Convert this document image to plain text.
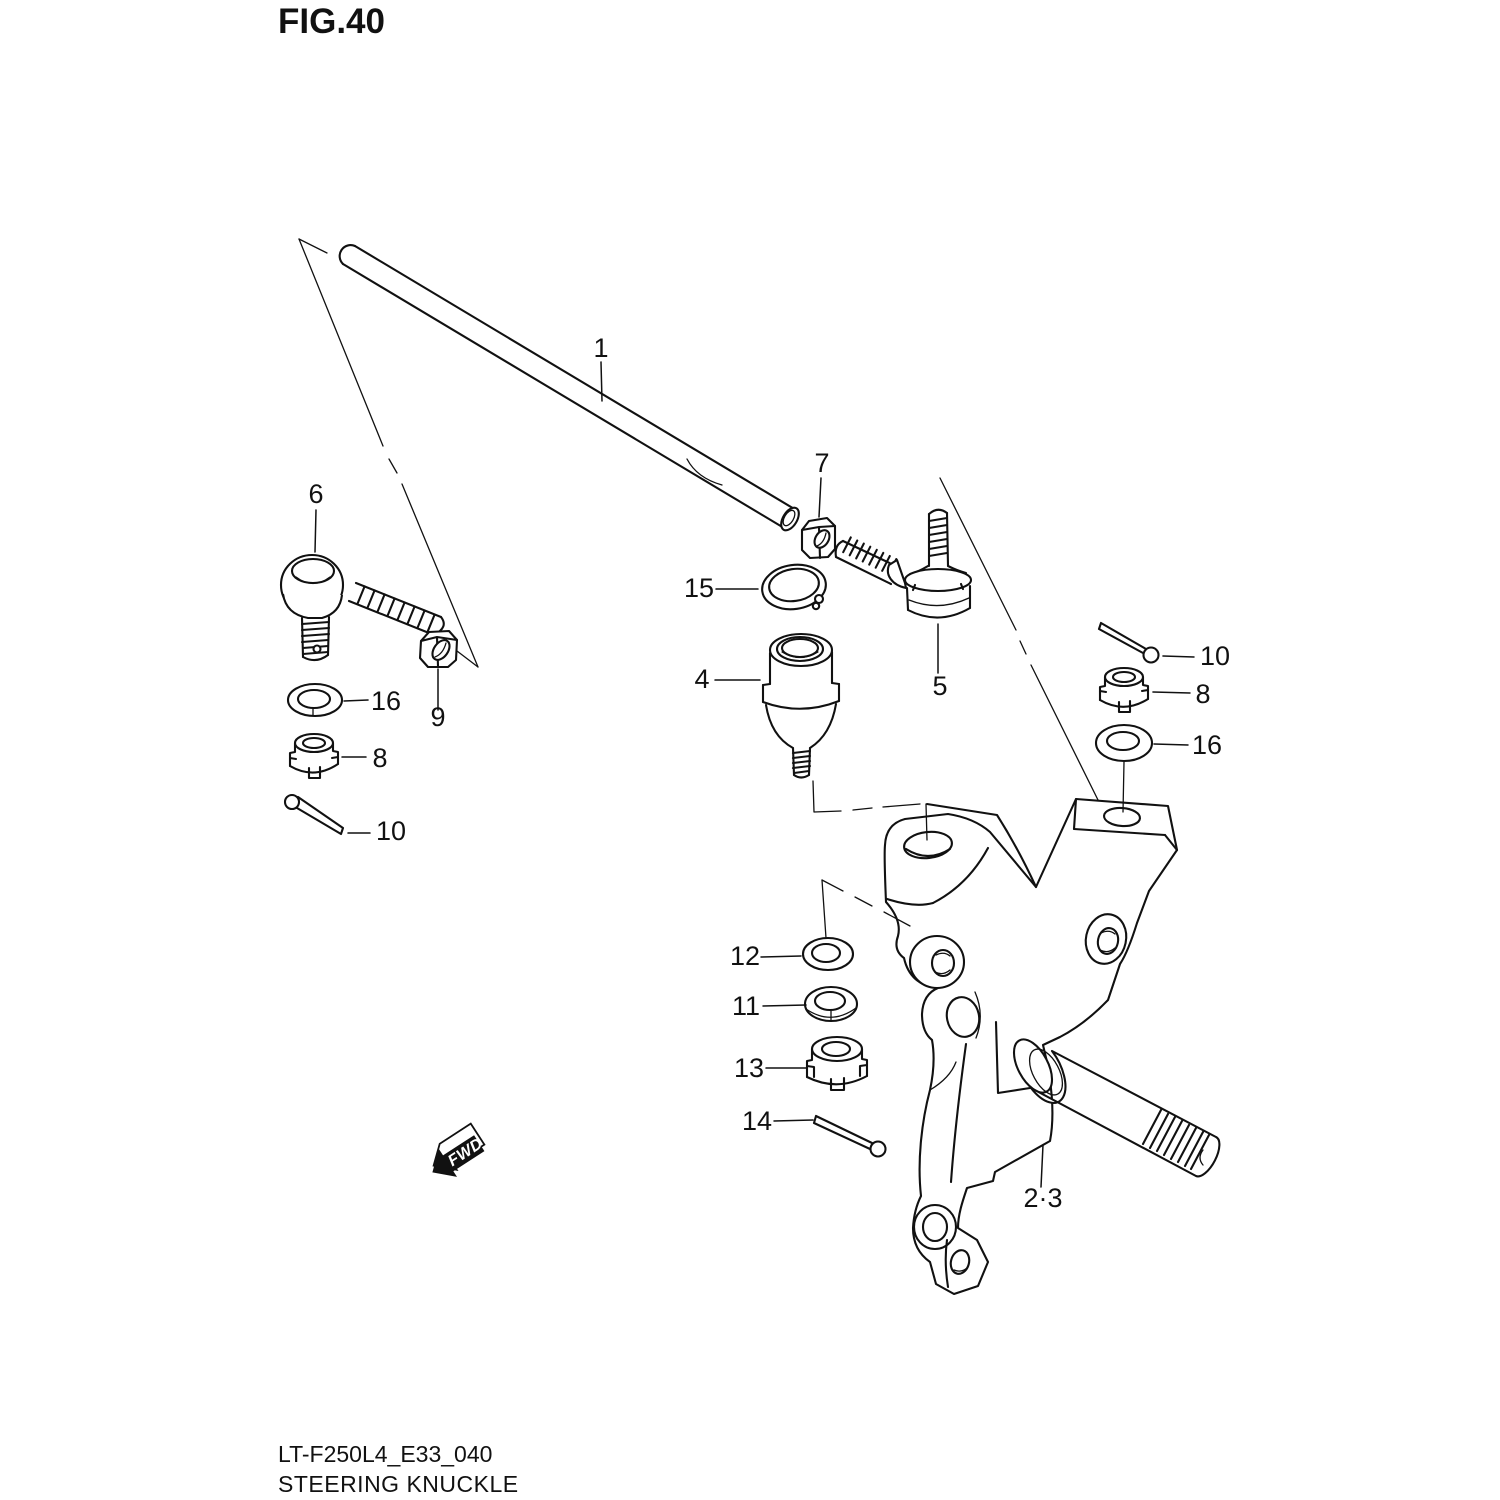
FIG.40
1
7
6
15
4	5
9
16
8
10
10
8
16
12
11
13
14
2·3
FWD
LT-F250L4_E33_040
STEERING KNUCKLE
